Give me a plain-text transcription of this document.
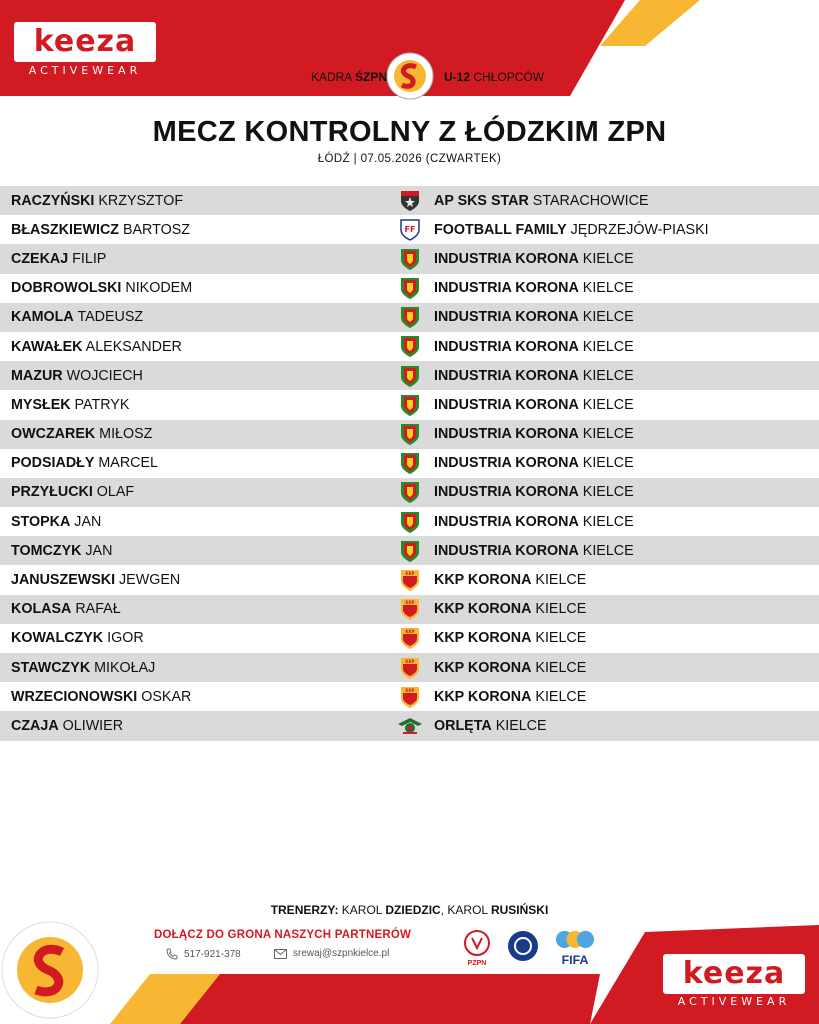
keeza
ACTIVEWEAR	KADRA ŚZPN	U-12 CHŁOPCÓW
MECZ KONTROLNY Z ŁÓDZKIM ZPN
ŁÓDŹ | 07.05.2026 (CZWARTEK)
RACZYŃSKI KRZYSZTOF	AP SKS STAR STARACHOWICE
BŁASZKIEWICZ BARTOSZ	FF FOOTBALL FAMILY JĘDRZEJÓW-PIASKI
CZEKAJ FILIP	INDUSTRIA KORONA KIELCE
DOBROWOLSKI NIKODEM	INDUSTRIA KORONA KIELCE
KAMOLA TADEUSZ	INDUSTRIA KORONA KIELCE
KAWAŁEK ALEKSANDER	INDUSTRIA KORONA KIELCE
MAZUR WOJCIECH	INDUSTRIA KORONA KIELCE
MYSŁEK PATRYK	INDUSTRIA KORONA KIELCE
OWCZAREK MIŁOSZ	INDUSTRIA KORONA KIELCE
PODSIADŁY MARCEL	INDUSTRIA KORONA KIELCE
PRZYŁUCKI OLAF	INDUSTRIA KORONA KIELCE
STOPKA JAN	INDUSTRIA KORONA KIELCE
TOMCZYK JAN	INDUSTRIA KORONA KIELCE
JANUSZEWSKI JEWGEN	KKP KKP KORONA KIELCE
KOLASA RAFAŁ	KKP KKP KORONA KIELCE
KOWALCZYK IGOR	KKP KKP KORONA KIELCE
STAWCZYK MIKOŁAJ	KKP KKP KORONA KIELCE
WRZECIONOWSKI OSKAR	KKP KKP KORONA KIELCE
CZAJA OLIWIER	ORLĘTA KIELCE
TRENERZY: KAROL DZIEDZIC, KAROL RUSIŃSKI
DOŁĄCZ DO GRONA NASZYCH PARTNERÓW
517-921-378	srewaj@szpnkielce.pl
PZPN	FIFA	keeza
ACTIVEWEAR
